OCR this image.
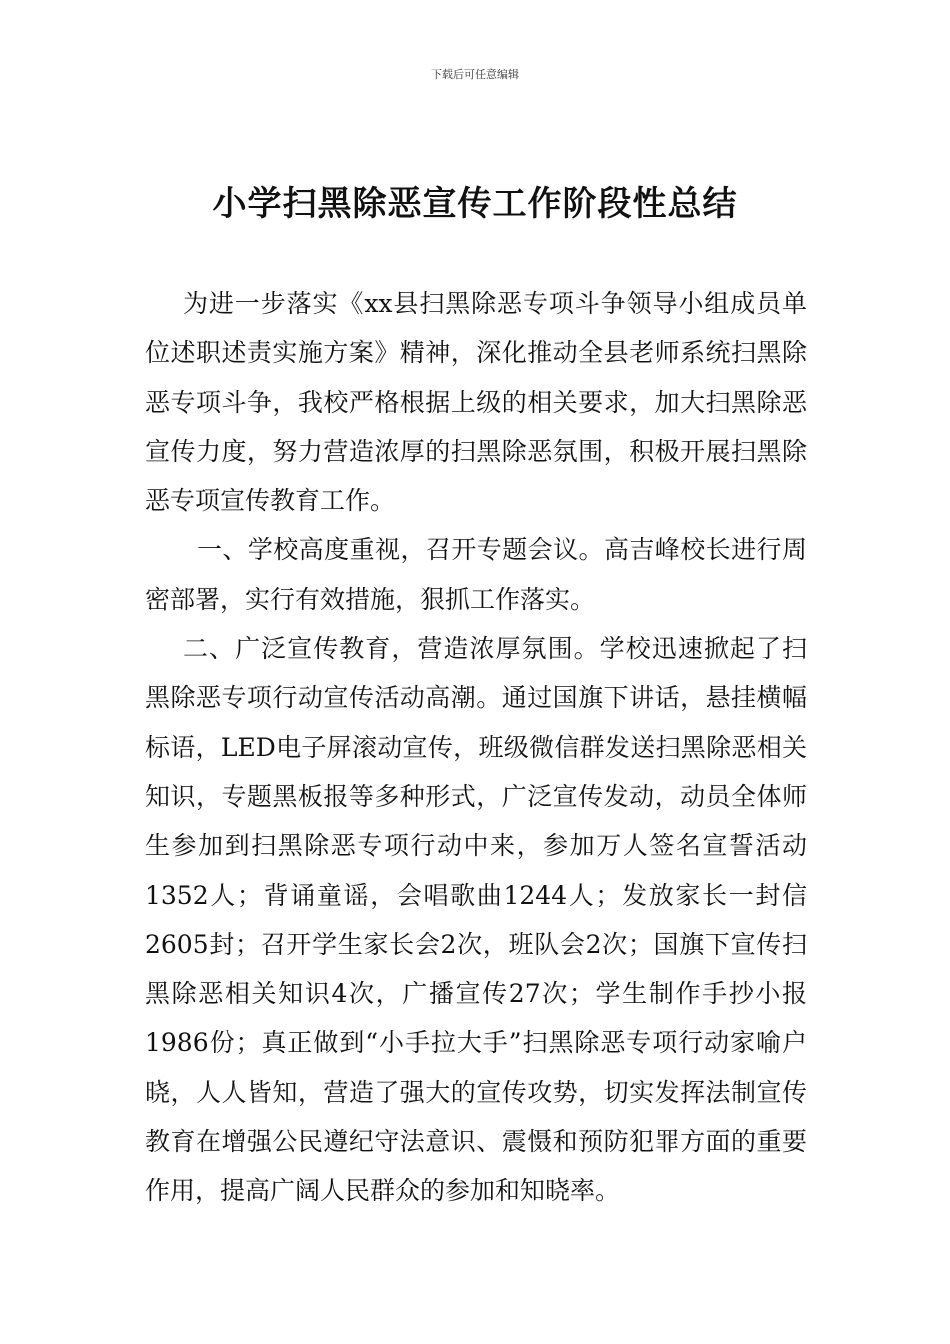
下载后可任意编辑
小学扫黑除恶宣传工作阶段性总结

为进一步落实《xx县扫黑除恶专项斗争领导小组成员单位述职述责实施方案》精神，深化推动全县老师系统扫黑除恶专项斗争，我校严格根据上级的相关要求，加大扫黑除恶宣传力度，努力营造浓厚的扫黑除恶氛围，积极开展扫黑除恶专项宣传教育工作。

一、学校高度重视，召开专题会议。高吉峰校长进行周密部署，实行有效措施，狠抓工作落实。

二、广泛宣传教育，营造浓厚氛围。学校迅速掀起了扫黑除恶专项行动宣传活动高潮。通过国旗下讲话，悬挂横幅标语，LED电子屏滚动宣传，班级微信群发送扫黑除恶相关知识，专题黑板报等多种形式，广泛宣传发动，动员全体师生参加到扫黑除恶专项行动中来，参加万人签名宣誓活动1352人；背诵童谣，会唱歌曲1244人；发放家长一封信2605封；召开学生家长会2次，班队会2次；国旗下宣传扫黑除恶相关知识4次，广播宣传27次；学生制作手抄小报1986份；真正做到“小手拉大手”扫黑除恶专项行动家喻户晓，人人皆知，营造了强大的宣传攻势，切实发挥法制宣传教育在增强公民遵纪守法意识、震慑和预防犯罪方面的重要作用，提高广阔人民群众的参加和知晓率。
